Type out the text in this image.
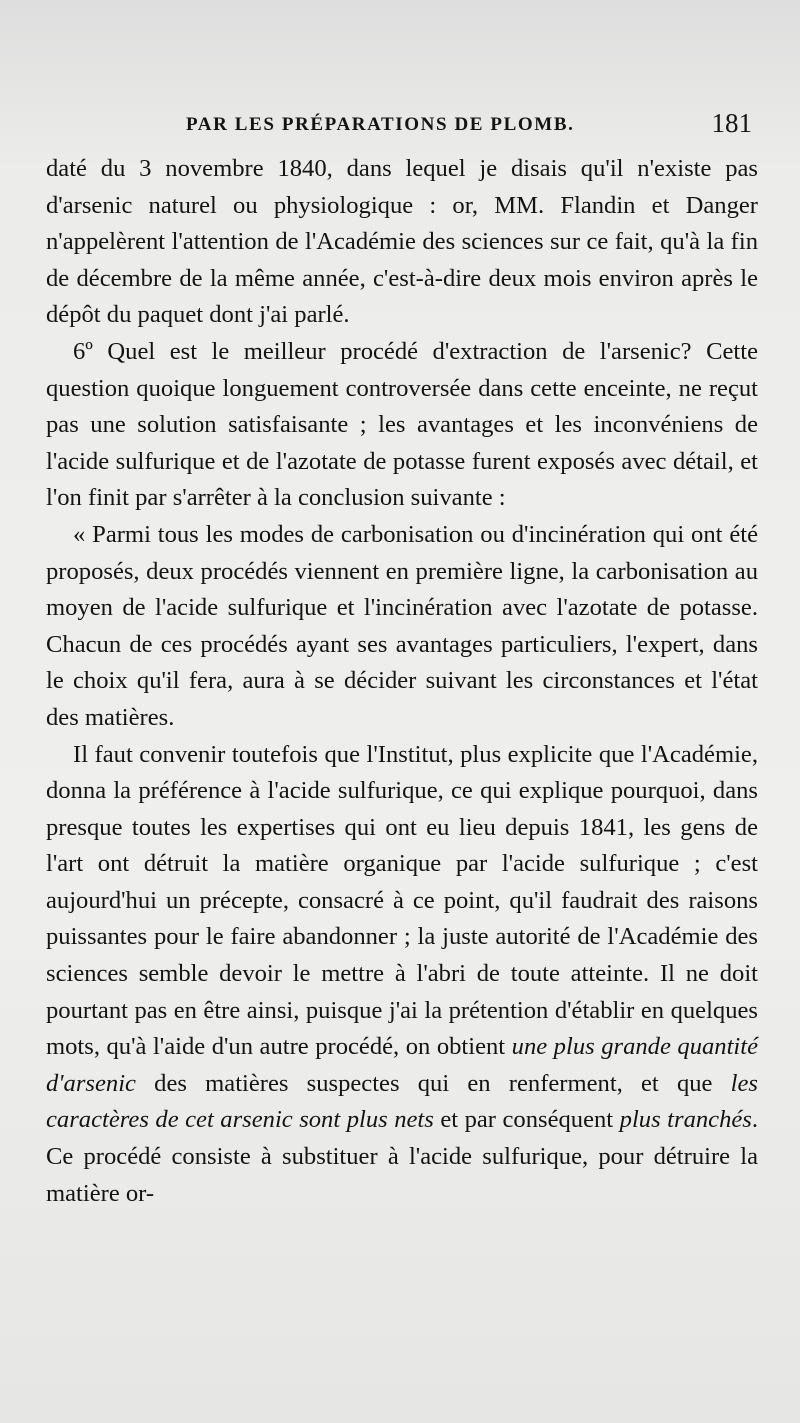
PAR LES PRÉPARATIONS DE PLOMB.	181

daté du 3 novembre 1840, dans lequel je disais qu'il n'existe pas d'arsenic naturel ou physiologique : or, MM. Flandin et Danger n'appelèrent l'attention de l'Académie des sciences sur ce fait, qu'à la fin de décembre de la même année, c'est-à-dire deux mois environ après le dépôt du paquet dont j'ai parlé.

6º Quel est le meilleur procédé d'extraction de l'arsenic? Cette question quoique longuement controversée dans cette enceinte, ne reçut pas une solution satisfaisante ; les avantages et les inconvéniens de l'acide sulfurique et de l'azotate de potasse furent exposés avec détail, et l'on finit par s'arrêter à la conclusion suivante :

« Parmi tous les modes de carbonisation ou d'incinération qui ont été proposés, deux procédés viennent en première ligne, la carbonisation au moyen de l'acide sulfurique et l'incinération avec l'azotate de potasse. Chacun de ces procédés ayant ses avantages particuliers, l'expert, dans le choix qu'il fera, aura à se décider suivant les circonstances et l'état des matières.

Il faut convenir toutefois que l'Institut, plus explicite que l'Académie, donna la préférence à l'acide sulfurique, ce qui explique pourquoi, dans presque toutes les expertises qui ont eu lieu depuis 1841, les gens de l'art ont détruit la matière organique par l'acide sulfurique ; c'est aujourd'hui un précepte, consacré à ce point, qu'il faudrait des raisons puissantes pour le faire abandonner ; la juste autorité de l'Académie des sciences semble devoir le mettre à l'abri de toute atteinte. Il ne doit pourtant pas en être ainsi, puisque j'ai la prétention d'établir en quelques mots, qu'à l'aide d'un autre procédé, on obtient une plus grande quantité d'arsenic des matières suspectes qui en renferment, et que les caractères de cet arsenic sont plus nets et par conséquent plus tranchés. Ce procédé consiste à substituer à l'acide sulfurique, pour détruire la matière or-
